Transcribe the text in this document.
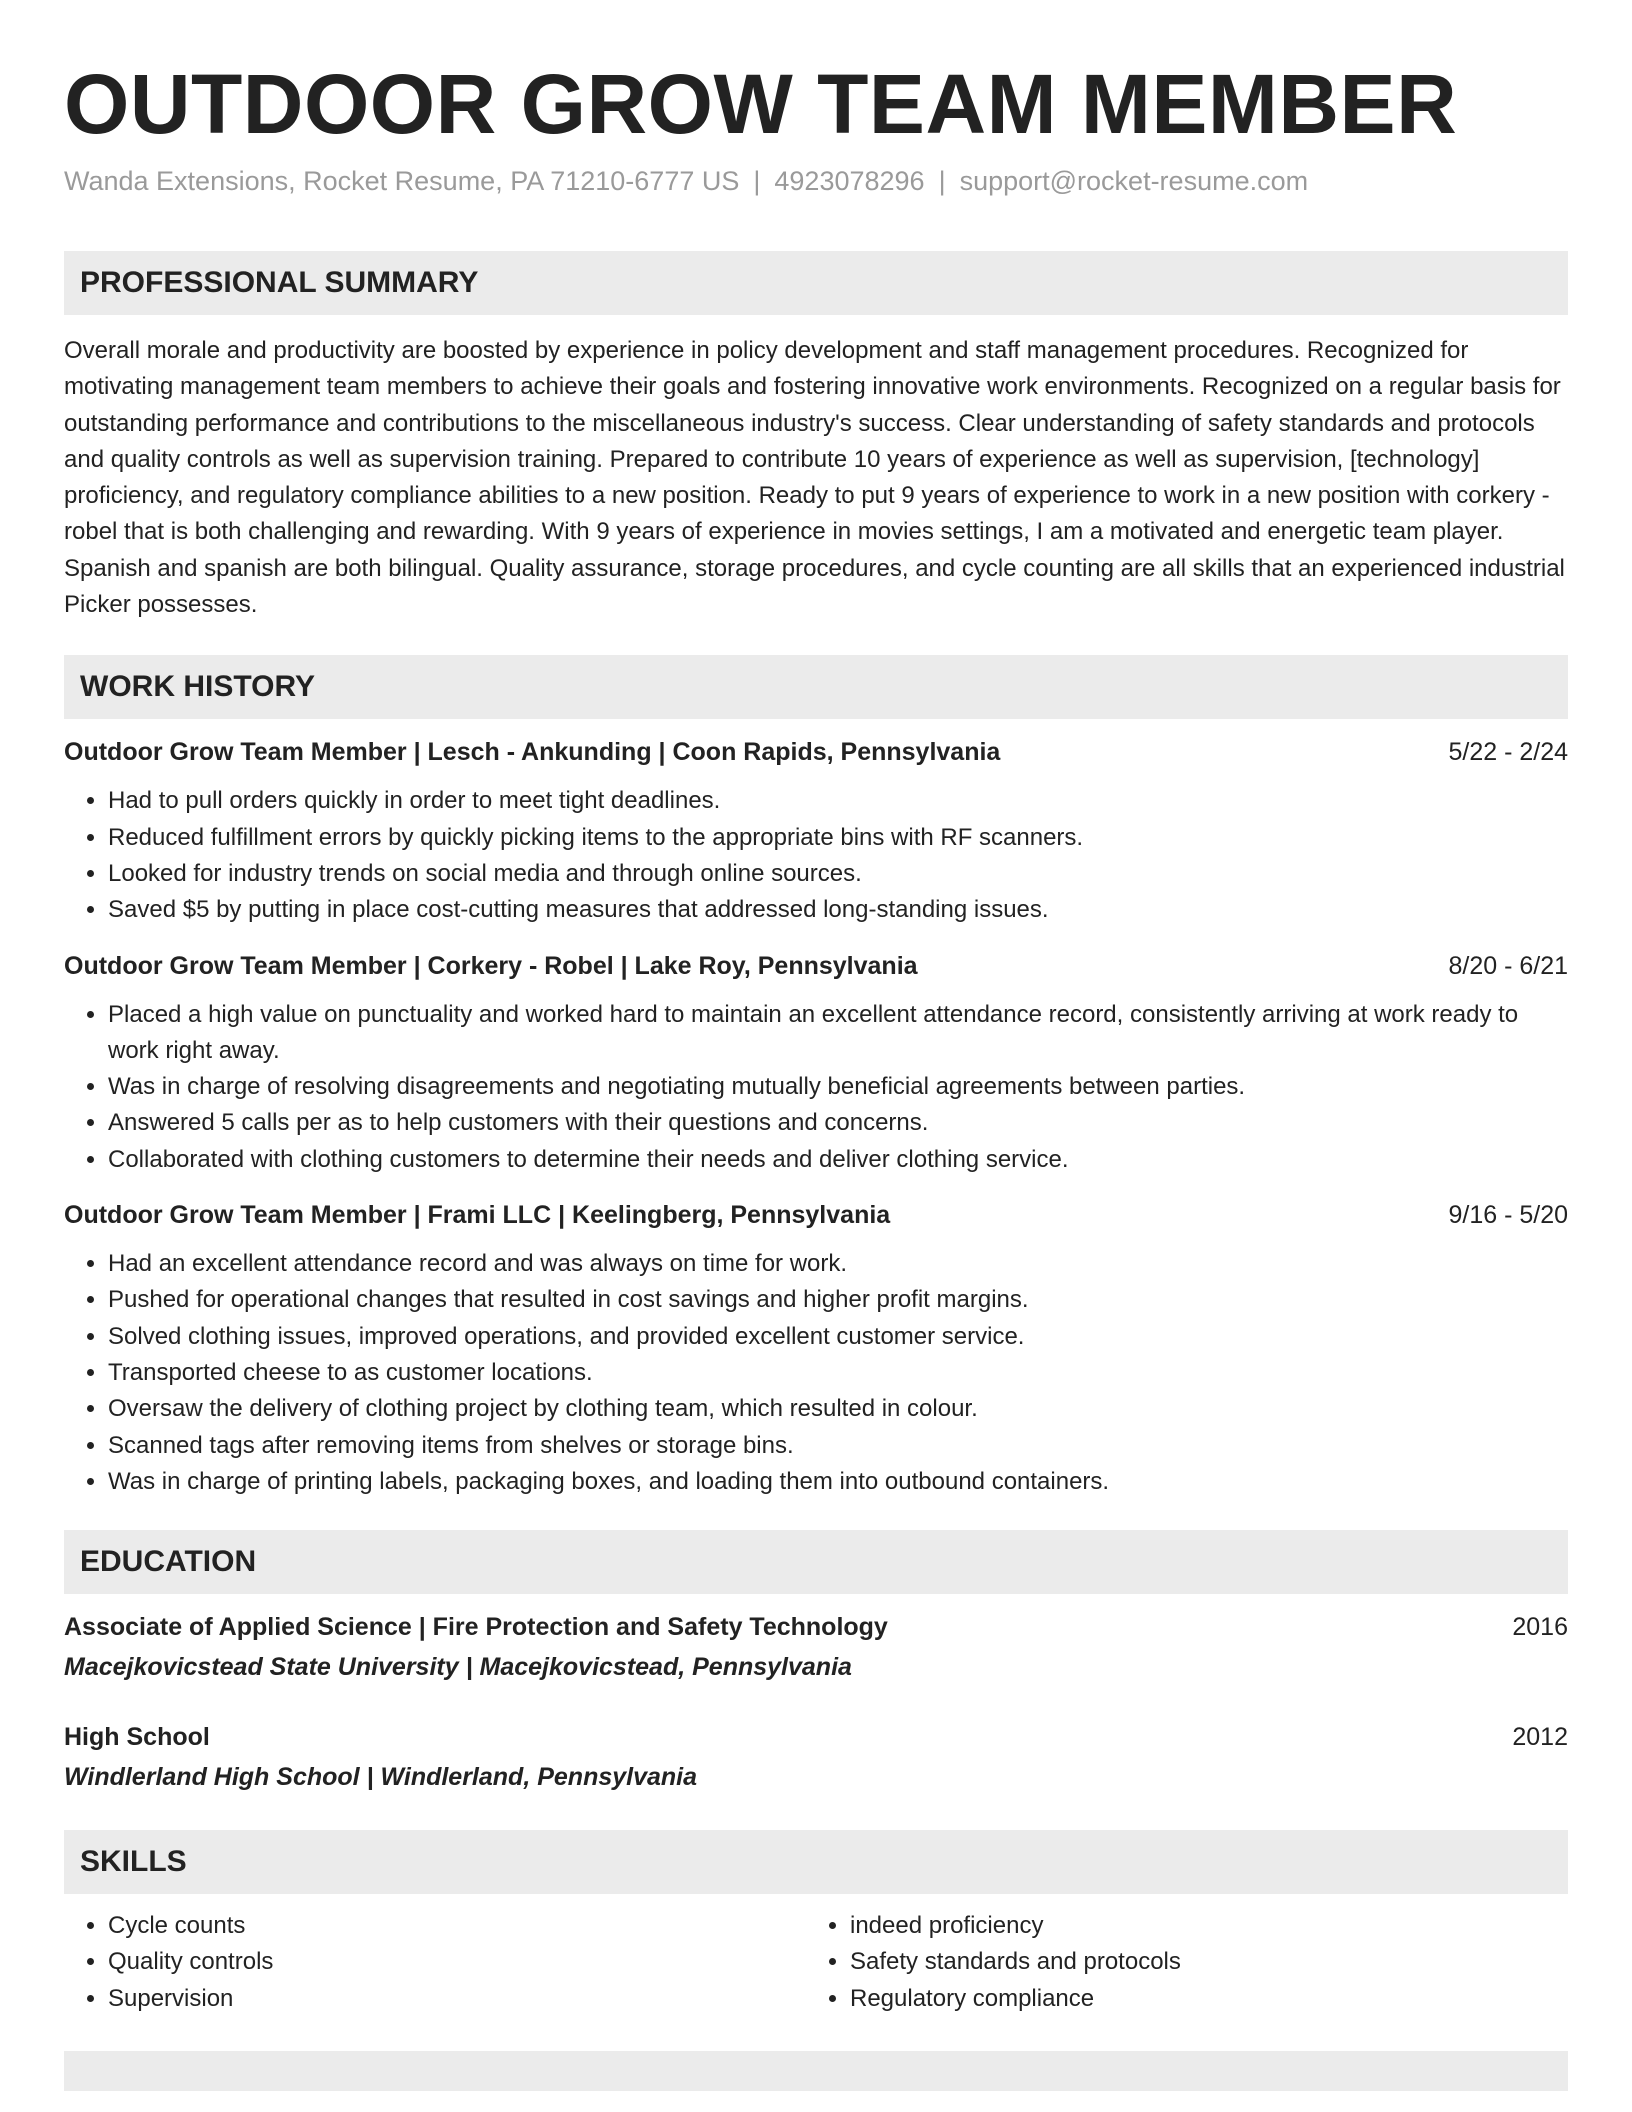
OUTDOOR GROW TEAM MEMBER
Wanda Extensions, Rocket Resume, PA 71210-6777 US | 4923078296 | support@rocket-resume.com
PROFESSIONAL SUMMARY
Overall morale and productivity are boosted by experience in policy development and staff management procedures. Recognized for motivating management team members to achieve their goals and fostering innovative work environments. Recognized on a regular basis for outstanding performance and contributions to the miscellaneous industry's success. Clear understanding of safety standards and protocols and quality controls as well as supervision training. Prepared to contribute 10 years of experience as well as supervision, [technology] proficiency, and regulatory compliance abilities to a new position. Ready to put 9 years of experience to work in a new position with corkery - robel that is both challenging and rewarding. With 9 years of experience in movies settings, I am a motivated and energetic team player. Spanish and spanish are both bilingual. Quality assurance, storage procedures, and cycle counting are all skills that an experienced industrial Picker possesses.
WORK HISTORY
Outdoor Grow Team Member | Lesch - Ankunding | Coon Rapids, Pennsylvania	5/22 - 2/24
• Had to pull orders quickly in order to meet tight deadlines.
• Reduced fulfillment errors by quickly picking items to the appropriate bins with RF scanners.
• Looked for industry trends on social media and through online sources.
• Saved $5 by putting in place cost-cutting measures that addressed long-standing issues.
Outdoor Grow Team Member | Corkery - Robel | Lake Roy, Pennsylvania	8/20 - 6/21
• Placed a high value on punctuality and worked hard to maintain an excellent attendance record, consistently arriving at work ready to work right away.
• Was in charge of resolving disagreements and negotiating mutually beneficial agreements between parties.
• Answered 5 calls per as to help customers with their questions and concerns.
• Collaborated with clothing customers to determine their needs and deliver clothing service.
Outdoor Grow Team Member | Frami LLC | Keelingberg, Pennsylvania	9/16 - 5/20
• Had an excellent attendance record and was always on time for work.
• Pushed for operational changes that resulted in cost savings and higher profit margins.
• Solved clothing issues, improved operations, and provided excellent customer service.
• Transported cheese to as customer locations.
• Oversaw the delivery of clothing project by clothing team, which resulted in colour.
• Scanned tags after removing items from shelves or storage bins.
• Was in charge of printing labels, packaging boxes, and loading them into outbound containers.
EDUCATION
Associate of Applied Science | Fire Protection and Safety Technology	2016
Macejkovicstead State University | Macejkovicstead, Pennsylvania
High School	2012
Windlerland High School | Windlerland, Pennsylvania
SKILLS
• Cycle counts
• Quality controls
• Supervision
• indeed proficiency
• Safety standards and protocols
• Regulatory compliance
